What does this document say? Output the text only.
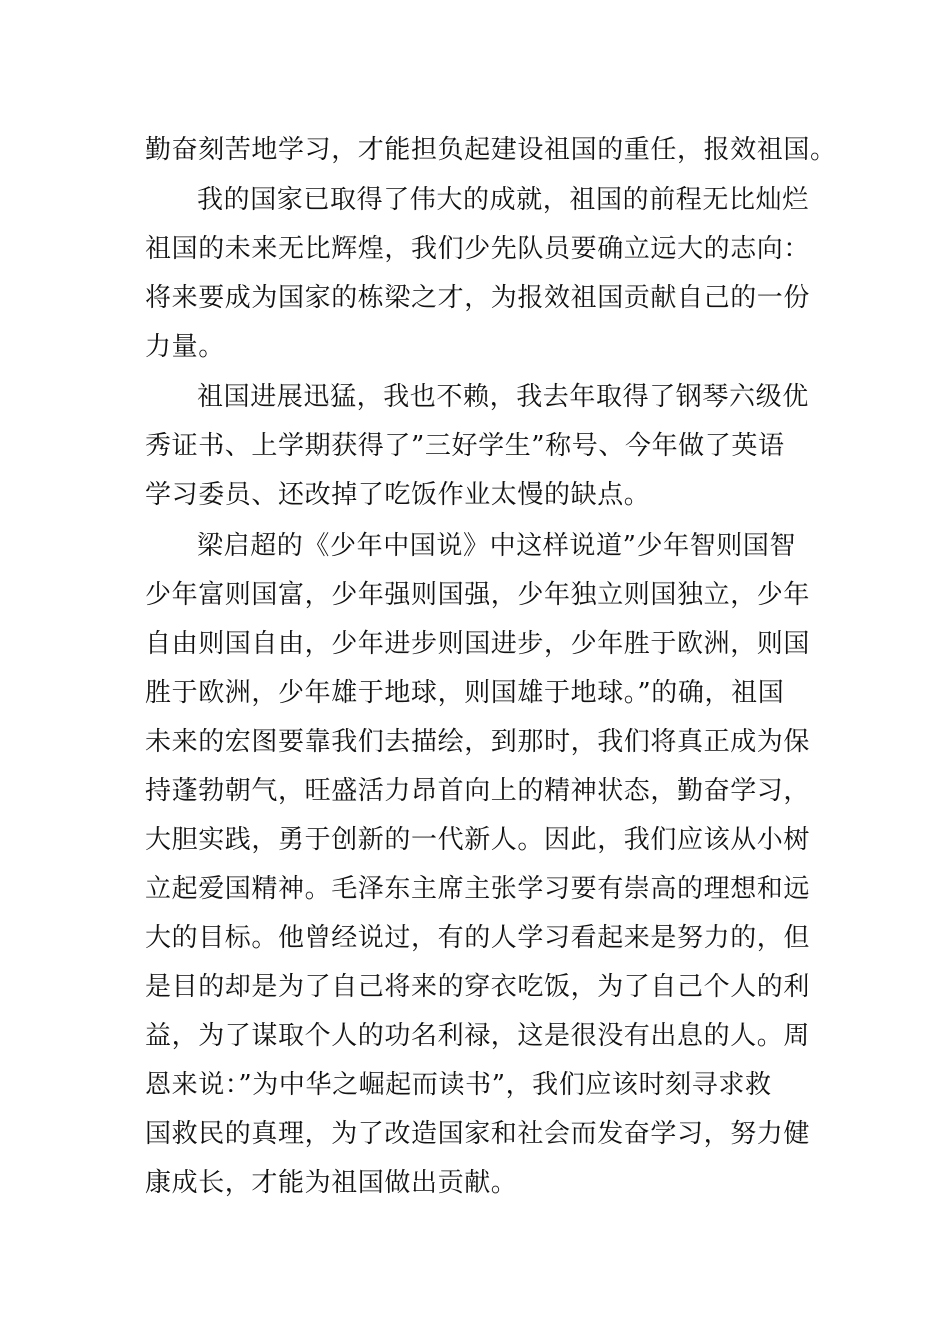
勤奋刻苦地学习，才能担负起建设祖国的重任，报效祖国。
我的国家已取得了伟大的成就，祖国的前程无比灿烂
祖国的未来无比辉煌，我们少先队员要确立远大的志向：
将来要成为国家的栋梁之才，为报效祖国贡献自己的一份
力量。
祖国进展迅猛，我也不赖，我去年取得了钢琴六级优
秀证书、上学期获得了”三好学生”称号、今年做了英语
学习委员、还改掉了吃饭作业太慢的缺点。
梁启超的《少年中国说》中这样说道”少年智则国智
少年富则国富，少年强则国强，少年独立则国独立，少年
自由则国自由，少年进步则国进步，少年胜于欧洲，则国
胜于欧洲，少年雄于地球，则国雄于地球。”的确，祖国
未来的宏图要靠我们去描绘，到那时，我们将真正成为保
持蓬勃朝气，旺盛活力昂首向上的精神状态，勤奋学习，
大胆实践，勇于创新的一代新人。因此，我们应该从小树
立起爱国精神。毛泽东主席主张学习要有崇高的理想和远
大的目标。他曾经说过，有的人学习看起来是努力的，但
是目的却是为了自己将来的穿衣吃饭，为了自己个人的利
益，为了谋取个人的功名利禄，这是很没有出息的人。周
恩来说：”为中华之崛起而读书”，我们应该时刻寻求救
国救民的真理，为了改造国家和社会而发奋学习，努力健
康成长，才能为祖国做出贡献。
